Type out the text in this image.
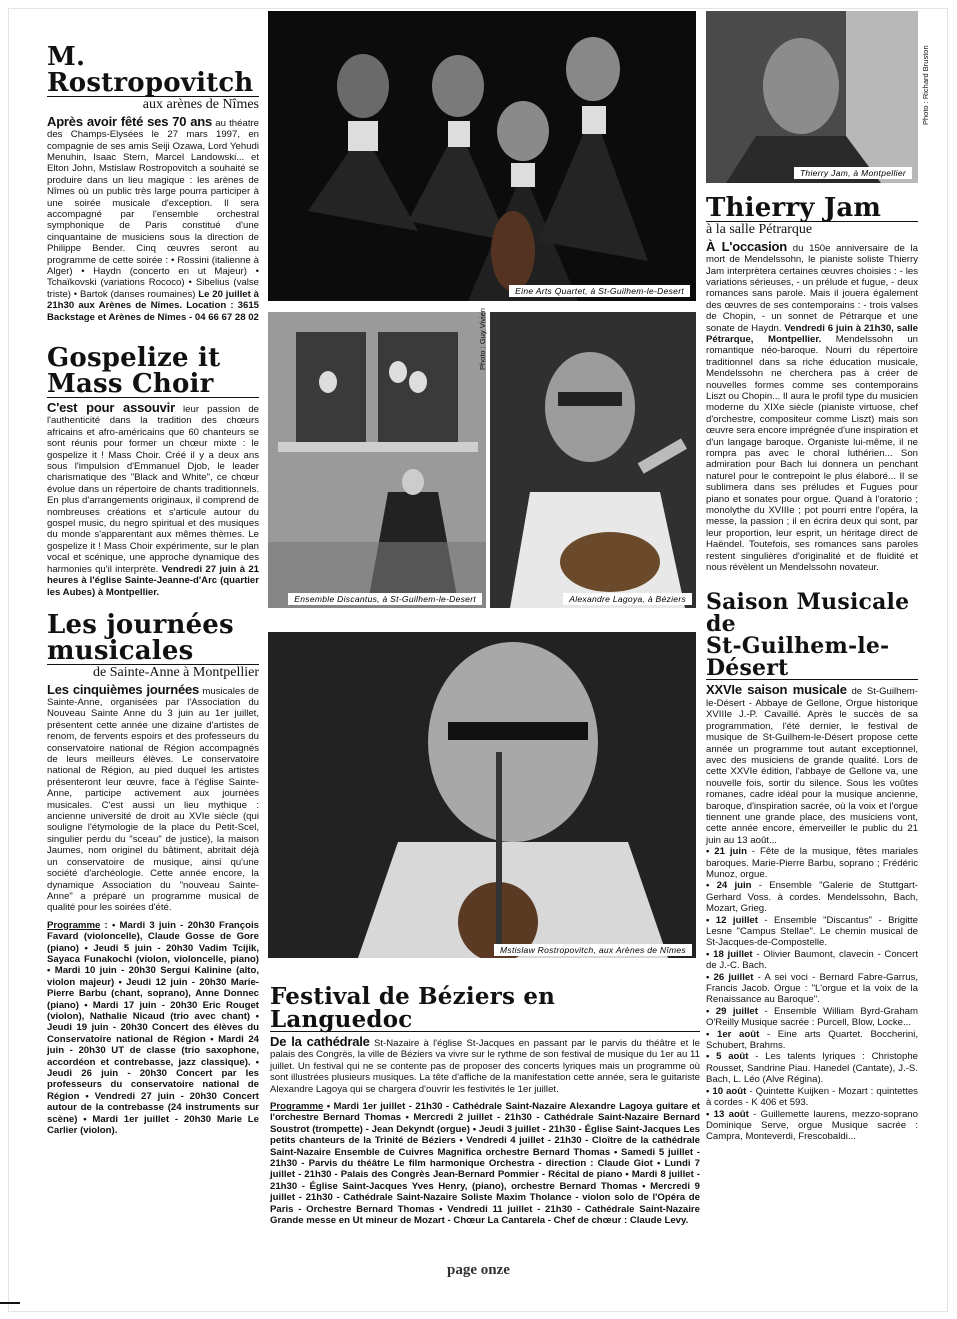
M. Rostropovitch
aux arènes de Nîmes

Après avoir fêté ses 70 ans au théatre des Champs-Elysées le 27 mars 1997, en compagnie de ses amis Seiji Ozawa, Lord Yehudi Menuhin, Isaac Stern, Marcel Landowski... et Elton John, Mstislaw Rostropovitch a souhaité se produire dans un lieu magique : les arènes de Nîmes où un public très large pourra participer à une soirée musicale d'exception. Il sera accompagné par l'ensemble orchestral symphonique de Paris constitué d'une cinquantaine de musiciens sous la direction de Philippe Bender. Cinq œuvres seront au programme de cette soirée : • Rossini (italienne à Alger) • Haydn (concerto en ut Majeur) • Tchaïkovski (variations Rococo) • Sibelius (valse triste) • Bartok (danses roumaines) Le 20 juillet à 21h30 aux Arènes de Nîmes. Location : 3615 Backstage et Arènes de Nîmes - 04 66 67 28 02

Gospelize it
Mass Choir

C'est pour assouvir leur passion de l'authenticité dans la tradition des chœurs africains et afro-américains que 60 chanteurs se sont réunis pour former un chœur mixte : le gospelize it ! Mass Choir. Créé il y a deux ans sous l'impulsion d'Emmanuel Djob, le leader charismatique des "Black and White", ce chœur évolue dans un répertoire de chants traditionnels. En plus d'arrangements originaux, il comprend de nombreuses créations et s'articule autour du gospel music, du negro spiritual et des musiques du monde s'apparentant aux mêmes thèmes. Le gospelize it ! Mass Choir expérimente, sur le plan vocal et scénique, une approche dynamique des harmonies qu'il interprète. Vendredi 27 juin à 21 heures à l'église Sainte-Jeanne-d'Arc (quartier les Aubes) à Montpellier.

Les journées
musicales
de Sainte-Anne à Montpellier

Les cinquièmes journées musicales de Sainte-Anne, organisées par l'Association du Nouveau Sainte Anne du 3 juin au 1er juillet, présentent cette année une dizaine d'artistes de renom, de fervents espoirs et des professeurs du conservatoire national de Région accompagnés de leurs meilleurs élèves. Le conservatoire national de Région, au pied duquel les artistes présenteront leur œuvre, face à l'église Sainte-Anne, participe activement aux journées musicales. C'est aussi un lieu mythique : ancienne université de droit au XVIe siècle (qui souligne l'étymologie de la place du Petit-Scel, singulier perdu du "sceau" de justice), la maison Jaumes, nom originel du bâtiment, abritait déjà un conservatoire de musique, ainsi qu'une société d'archéologie. Cette année encore, la dynamique Association du "nouveau Sainte-Anne" a préparé un programme musical de qualité pour les soirées d'été.

Programme : • Mardi 3 juin - 20h30 François Favard (violoncelle), Claude Gosse de Gore (piano) • Jeudi 5 juin - 20h30 Vadim Tcijik, Sayaca Funakochi (violon, violoncelle, piano) • Mardi 10 juin - 20h30 Sergui Kalinine (alto, violon majeur) • Jeudi 12 juin - 20h30 Marie-Pierre Barbu (chant, soprano), Anne Donnec (piano) • Mardi 17 juin - 20h30 Eric Rouget (violon), Nathalie Nicaud (trio avec chant) • Jeudi 19 juin - 20h30 Concert des élèves du Conservatoire national de Région • Mardi 24 juin - 20h30 UT de classe (trio saxophone, accordéon et contrebasse, jazz classique). • Jeudi 26 juin - 20h30 Concert par les professeurs du conservatoire national de Région • Vendredi 27 juin - 20h30 Concert autour de la contrebasse (24 instruments sur scène) • Mardi 1er juillet - 20h30 Marie Le Carlier (violon).

Eine Arts Quartet, à St-Guilhem-le-Desert
Thierry Jam, à Montpellier
Photo : Richard Bruston
Ensemble Discantus, à St-Guilhem-le-Desert
Photo : Guy Vivien
Alexandre Lagoya, à Béziers
Mstislaw Rostropovitch, aux Arènes de Nîmes
Thierry Jam
à la salle Pétrarque

À L'occasion du 150e anniversaire de la mort de Mendelssohn, le pianiste soliste Thierry Jam interprètera certaines œuvres choisies : - les variations sérieuses, - un prélude et fugue, - deux romances sans parole. Mais il jouera également des œuvres de ses contemporains : - trois valses de Chopin, - un sonnet de Pétrarque et une sonate de Haydn. Vendredi 6 juin à 21h30, salle Pétrarque, Montpellier. Mendelssohn un romantique néo-baroque. Nourri du répertoire traditionnel dans sa riche éducation musicale, Mendelssohn ne cherchera pas à créer de nouvelles formes comme ses contemporains Liszt ou Chopin... Il aura le profil type du musicien moderne du XIXe siècle (pianiste virtuose, chef d'orchestre, compositeur comme Liszt) mais son œuvre sera encore imprégnée d'une inspiration et d'un langage baroque. Organiste lui-même, il ne rompra pas avec le choral luthérien... Son admiration pour Bach lui donnera un penchant naturel pour le contrepoint le plus élaboré... Il se sublimera dans ses préludes et Fugues pour piano et sonates pour orgue. Quand à l'oratorio ; monolythe du XVIIIe ; pot pourri entre l'opéra, la messe, la passion ; il en écrira deux qui sont, par leur proportion, leur esprit, un héritage direct de Haëndel. Toutefois, ses romances sans paroles restent singulières d'originalité et de fluidité et nous révèlent un Mendelssohn novateur.

Saison Musicale de
St-Guilhem-le-Désert

XXVIe saison musicale de St-Guilhem-le-Désert - Abbaye de Gellone, Orgue historique XVIIIe J.-P. Cavaillé. Après le succès de sa programmation, l'été dernier, le festival de musique de St-Guilhem-le-Désert propose cette année un programme tout autant exceptionnel, avec des musiciens de grande qualité. Lors de cette XXVIe édition, l'abbaye de Gellone va, une nouvelle fois, sortir du silence. Sous les voûtes romanes, cadre idéal pour la musique ancienne, baroque, d'inspiration sacrée, où la voix et l'orgue tiennent une grande place, des musiciens vont, cette année encore, émerveiller le public du 21 juin au 13 août...

• 21 juin - Fête de la musique, fêtes mariales baroques. Marie-Pierre Barbu, soprano ; Frédéric Munoz, orgue.

• 24 juin - Ensemble "Galerie de Stuttgart-Gerhard Voss. à cordes. Mendelssohn, Bach, Mozart, Grieg.

• 12 juillet - Ensemble "Discantus" - Brigitte Lesne "Campus Stellae". Le chemin musical de St-Jacques-de-Compostelle.

• 18 juillet - Olivier Baumont, clavecin - Concert de J.-C. Bach.

• 26 juillet - A sei voci - Bernard Fabre-Garrus, Francis Jacob. Orgue : "L'orgue et la voix de la Renaissance au Baroque".

• 29 juillet - Ensemble William Byrd-Graham O'Reilly Musique sacrée : Purcell, Blow, Locke...

• 1er août - Eine arts Quartet. Boccherini, Schubert, Brahms.

• 5 août - Les talents lyriques : Christophe Rousset, Sandrine Piau. Hanedel (Cantate), J.-S. Bach, L. Léo (Alve Régina).

• 10 août - Quintette Kuijken - Mozart : quintettes à cordes - K 406 et 593.

• 13 août - Guillemette laurens, mezzo-soprano Dominique Serve, orgue Musique sacrée : Campra, Monteverdi, Frescobaldi...

Festival de Béziers en Languedoc

De la cathédrale St-Nazaire à l'église St-Jacques en passant par le parvis du théâtre et le palais des Congrès, la ville de Béziers va vivre sur le rythme de son festival de musique du 1er au 11 juillet. Un festival qui ne se contente pas de proposer des concerts lyriques mais un programme où sont illustrées plusieurs musiques. La tête d'affiche de la manifestation cette année, sera le guitariste Alexandre Lagoya qui se chargera d'ouvrir les festivités le 1er juillet.

Programme • Mardi 1er juillet - 21h30 - Cathédrale Saint-Nazaire Alexandre Lagoya guitare et l'orchestre Bernard Thomas • Mercredi 2 juillet - 21h30 - Cathédrale Saint-Nazaire Bernard Soustrot (trompette) - Jean Dekyndt (orgue) • Jeudi 3 juillet - 21h30 - Église Saint-Jacques Les petits chanteurs de la Trinité de Béziers • Vendredi 4 juillet - 21h30 - Cloître de la cathédrale Saint-Nazaire Ensemble de Cuivres Magnifica orchestre Bernard Thomas • Samedi 5 juillet - 21h30 - Parvis du théâtre Le film harmonique Orchestra - direction : Claude Giot • Lundi 7 juillet - 21h30 - Palais des Congrès Jean-Bernard Pommier - Récital de piano • Mardi 8 juillet - 21h30 - Église Saint-Jacques Yves Henry, (piano), orchestre Bernard Thomas • Mercredi 9 juillet - 21h30 - Cathédrale Saint-Nazaire Soliste Maxim Tholance - violon solo de l'Opéra de Paris - Orchestre Bernard Thomas • Vendredi 11 juillet - 21h30 - Cathédrale Saint-Nazaire Grande messe en Ut mineur de Mozart - Chœur La Cantarela - Chef de chœur : Claude Levy.

page onze
